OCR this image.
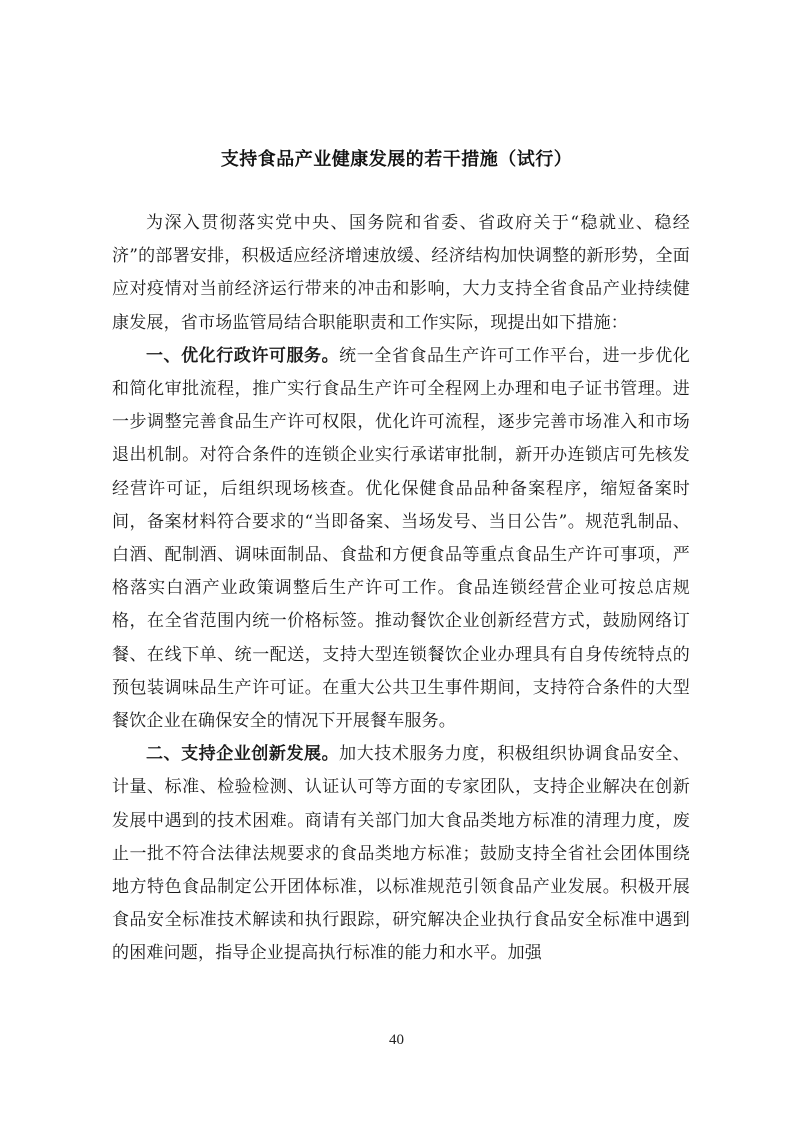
支持食品产业健康发展的若干措施（试行）

为深入贯彻落实党中央、国务院和省委、省政府关于“稳就业、稳经济”的部署安排，积极适应经济增速放缓、经济结构加快调整的新形势，全面应对疫情对当前经济运行带来的冲击和影响，大力支持全省食品产业持续健康发展，省市场监管局结合职能职责和工作实际，现提出如下措施：

一、优化行政许可服务。统一全省食品生产许可工作平台，进一步优化和简化审批流程，推广实行食品生产许可全程网上办理和电子证书管理。进一步调整完善食品生产许可权限，优化许可流程，逐步完善市场准入和市场退出机制。对符合条件的连锁企业实行承诺审批制，新开办连锁店可先核发经营许可证，后组织现场核查。优化保健食品品种备案程序，缩短备案时间，备案材料符合要求的“当即备案、当场发号、当日公告”。规范乳制品、白酒、配制酒、调味面制品、食盐和方便食品等重点食品生产许可事项，严格落实白酒产业政策调整后生产许可工作。食品连锁经营企业可按总店规格，在全省范围内统一价格标签。推动餐饮企业创新经营方式，鼓励网络订餐、在线下单、统一配送，支持大型连锁餐饮企业办理具有自身传统特点的预包装调味品生产许可证。在重大公共卫生事件期间，支持符合条件的大型餐饮企业在确保安全的情况下开展餐车服务。

二、支持企业创新发展。加大技术服务力度，积极组织协调食品安全、计量、标准、检验检测、认证认可等方面的专家团队，支持企业解决在创新发展中遇到的技术困难。商请有关部门加大食品类地方标准的清理力度，废止一批不符合法律法规要求的食品类地方标准；鼓励支持全省社会团体围绕地方特色食品制定公开团体标准，以标准规范引领食品产业发展。积极开展食品安全标准技术解读和执行跟踪，研究解决企业执行食品安全标准中遇到的困难问题，指导企业提高执行标准的能力和水平。加强

40
